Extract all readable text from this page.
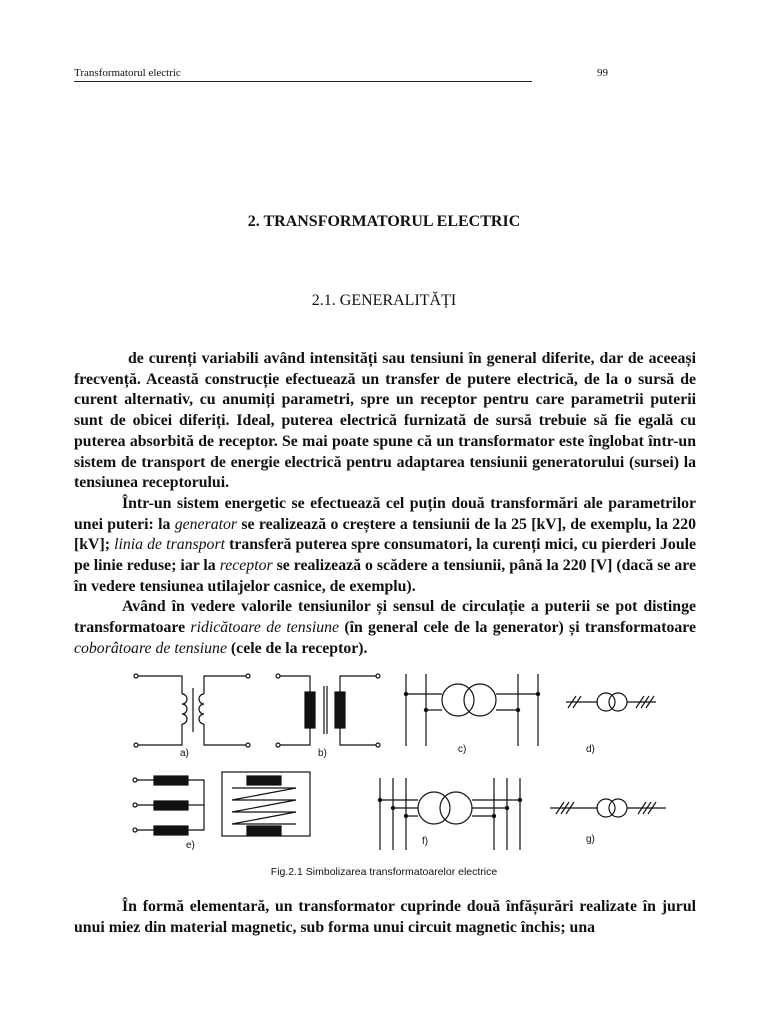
Transformatorul electric	99
2. TRANSFORMATORUL ELECTRIC
2.1. GENERALITĂȚI

de curenți variabili având intensități sau tensiuni în general diferite, dar de aceeași frecvență. Această construcție efectuează un transfer de putere electrică, de la o sursă de curent alternativ, cu anumiți parametri, spre un receptor pentru care parametrii puterii sunt de obicei diferiți. Ideal, puterea electrică furnizată de sursă trebuie să fie egală cu puterea absorbită de receptor. Se mai poate spune că un transformator este înglobat într-un sistem de transport de energie electrică pentru adaptarea tensiunii generatorului (sursei) la tensiunea receptorului.

Într-un sistem energetic se efectuează cel puțin două transformări ale parametrilor unei puteri: la generator se realizează o creștere a tensiunii de la 25 [kV], de exemplu, la 220 [kV]; linia de transport transferă puterea spre consumatori, la curenți mici, cu pierderi Joule pe linie reduse; iar la receptor se realizează o scădere a tensiunii, până la 220 [V] (dacă se are în vedere tensiunea utilajelor casnice, de exemplu).

Având în vedere valorile tensiunilor și sensul de circulație a puterii se pot distinge transformatoare ridicătoare de tensiune (în general cele de la generator) și transformatoare coborâtoare de tensiune (cele de la receptor).

a)	b)	c)	d)
e)	f)	g)
Fig.2.1 Simbolizarea transformatoarelor electrice

În formă elementară, un transformator cuprinde două înfășurări realizate în jurul unui miez din material magnetic, sub forma unui circuit magnetic închis; una
